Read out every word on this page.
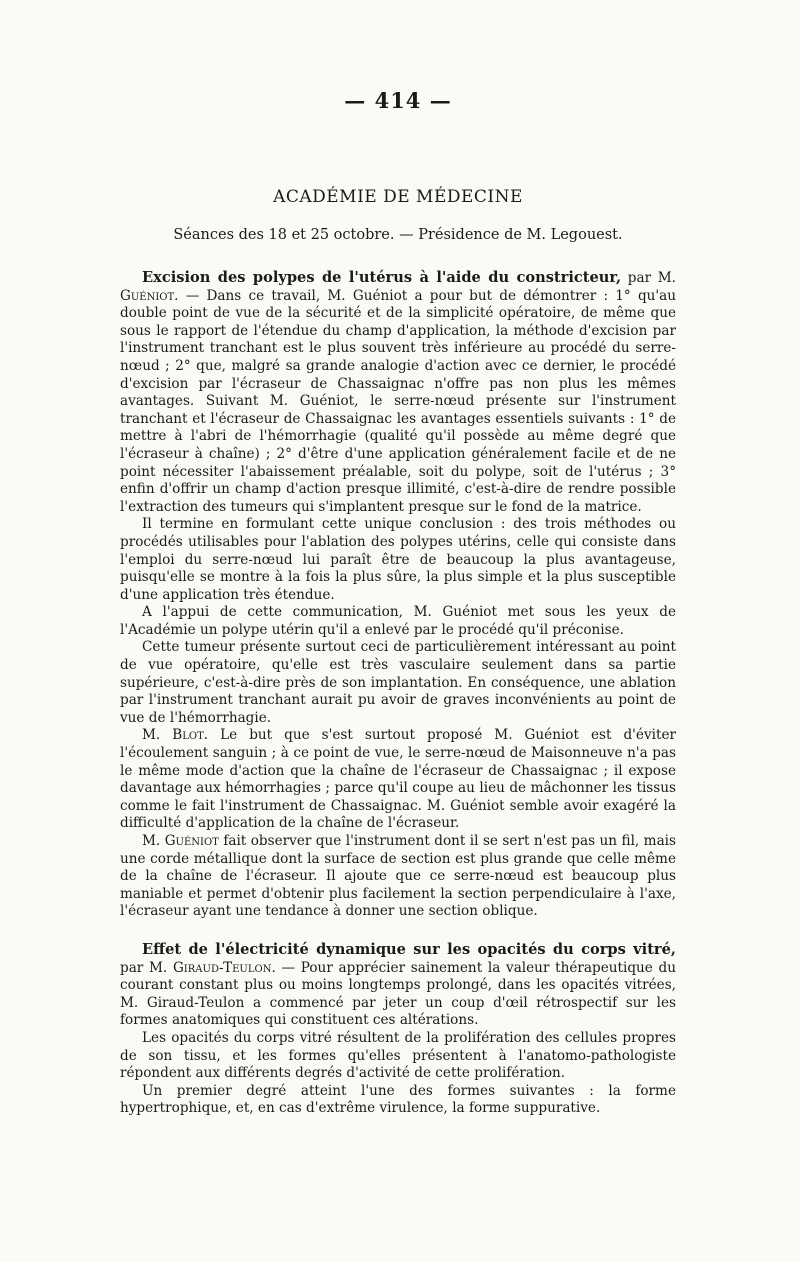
— 414 —
ACADÉMIE DE MÉDECINE
Séances des 18 et 25 octobre. — Présidence de M. Legouest.

Excision des polypes de l'utérus à l'aide du constricteur, par M. Guéniot. — Dans ce travail, M. Guéniot a pour but de démontrer : 1° qu'au double point de vue de la sécurité et de la simplicité opératoire, de même que sous le rapport de l'étendue du champ d'application, la méthode d'excision par l'instrument tranchant est le plus souvent très inférieure au procédé du serre-nœud ; 2° que, malgré sa grande analogie d'action avec ce dernier, le procédé d'excision par l'écraseur de Chassaignac n'offre pas non plus les mêmes avantages. Suivant M. Guéniot, le serre-nœud présente sur l'instrument tranchant et l'écraseur de Chassaignac les avantages essentiels suivants : 1° de mettre à l'abri de l'hémorrhagie (qualité qu'il possède au même degré que l'écraseur à chaîne) ; 2° d'être d'une application généralement facile et de ne point nécessiter l'abaissement préalable, soit du polype, soit de l'utérus ; 3° enfin d'offrir un champ d'action presque illimité, c'est-à-dire de rendre possible l'extraction des tumeurs qui s'implantent presque sur le fond de la matrice.

Il termine en formulant cette unique conclusion : des trois méthodes ou procédés utilisables pour l'ablation des polypes utérins, celle qui consiste dans l'emploi du serre-nœud lui paraît être de beaucoup la plus avantageuse, puisqu'elle se montre à la fois la plus sûre, la plus simple et la plus susceptible d'une application très étendue.

A l'appui de cette communication, M. Guéniot met sous les yeux de l'Académie un polype utérin qu'il a enlevé par le procédé qu'il préconise.

Cette tumeur présente surtout ceci de particulièrement intéressant au point de vue opératoire, qu'elle est très vasculaire seulement dans sa partie supérieure, c'est-à-dire près de son implantation. En conséquence, une ablation par l'instrument tranchant aurait pu avoir de graves inconvénients au point de vue de l'hémorrhagie.

M. Blot. Le but que s'est surtout proposé M. Guéniot est d'éviter l'écoulement sanguin ; à ce point de vue, le serre-nœud de Maisonneuve n'a pas le même mode d'action que la chaîne de l'écraseur de Chassaignac ; il expose davantage aux hémorrhagies ; parce qu'il coupe au lieu de mâchonner les tissus comme le fait l'instrument de Chassaignac. M. Guéniot semble avoir exagéré la difficulté d'application de la chaîne de l'écraseur.

M. Guéniot fait observer que l'instrument dont il se sert n'est pas un fil, mais une corde métallique dont la surface de section est plus grande que celle même de la chaîne de l'écraseur. Il ajoute que ce serre-nœud est beaucoup plus maniable et permet d'obtenir plus facilement la section perpendiculaire à l'axe, l'écraseur ayant une tendance à donner une section oblique.

Effet de l'électricité dynamique sur les opacités du corps vitré, par M. Giraud-Teulon. — Pour apprécier sainement la valeur thérapeutique du courant constant plus ou moins longtemps prolongé, dans les opacités vitrées, M. Giraud-Teulon a commencé par jeter un coup d'œil rétrospectif sur les formes anatomiques qui constituent ces altérations.

Les opacités du corps vitré résultent de la prolifération des cellules propres de son tissu, et les formes qu'elles présentent à l'anatomo-pathologiste répondent aux différents degrés d'activité de cette prolifération.

Un premier degré atteint l'une des formes suivantes : la forme hypertrophique, et, en cas d'extrême virulence, la forme suppurative.
